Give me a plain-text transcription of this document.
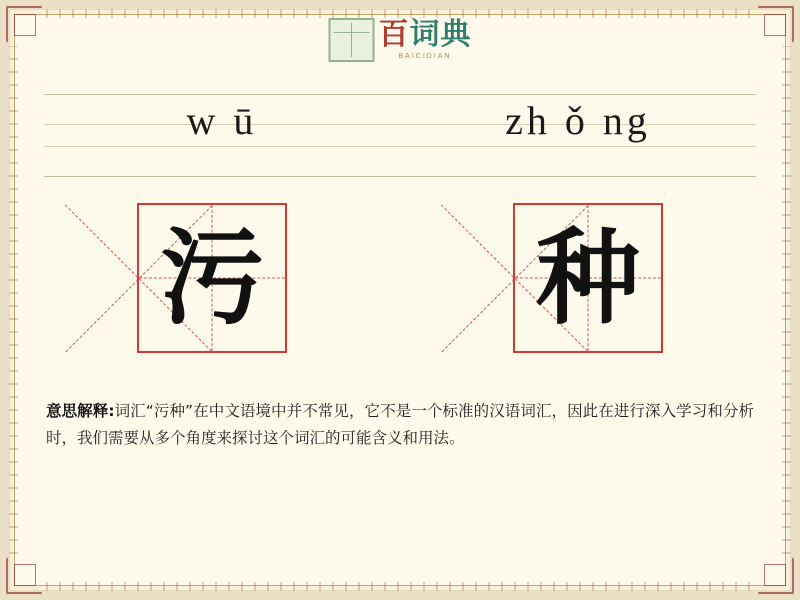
百词典
BAICIDIAN
w ū	zh ǒ ng
污	种
意思解释:词汇“污种”在中文语境中并不常见，它不是一个标准的汉语词汇，因此在进行深入学习和分析时，我们需要从多个角度来探讨这个词汇的可能含义和用法。
